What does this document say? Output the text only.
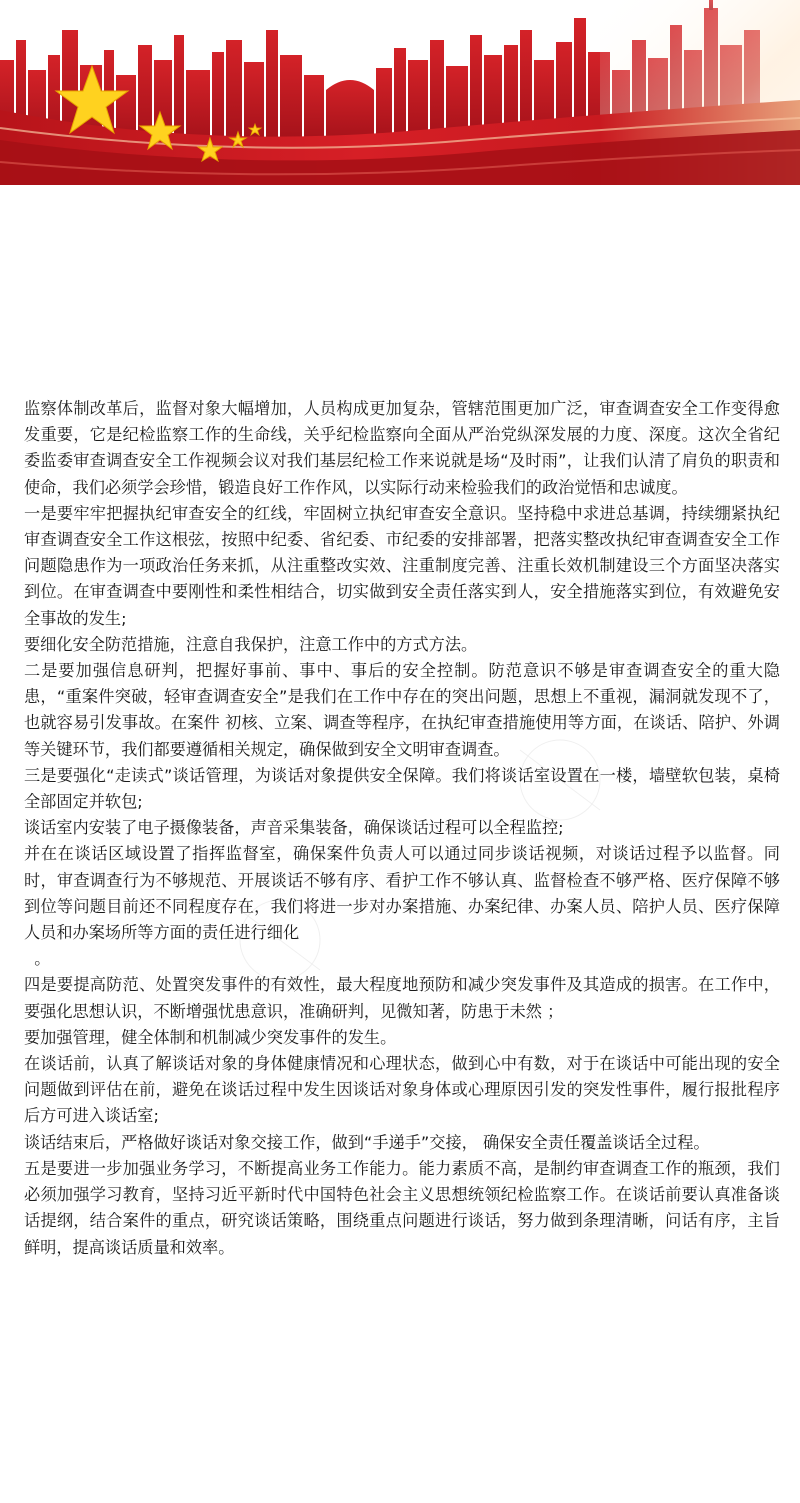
监察体制改革后，监督对象大幅增加，人员构成更加复杂，管辖范围更加广泛，审查调查安全工作变得愈发重要，它是纪检监察工作的生命线，关乎纪检监察向全面从严治党纵深发展的力度、深度。这次全省纪委监委审查调查安全工作视频会议对我们基层纪检工作来说就是场“及时雨”，让我们认清了肩负的职责和使命，我们必须学会珍惜，锻造良好工作作风，以实际行动来检验我们的政治觉悟和忠诚度。

一是要牢牢把握执纪审查安全的红线，牢固树立执纪审查安全意识。坚持稳中求进总基调，持续绷紧执纪审查调查安全工作这根弦，按照中纪委、省纪委、市纪委的安排部署，把落实整改执纪审查调查安全工作问题隐患作为一项政治任务来抓，从注重整改实效、注重制度完善、注重长效机制建设三个方面坚决落实到位。在审查调查中要刚性和柔性相结合，切实做到安全责任落实到人，安全措施落实到位，有效避免安全事故的发生;

要细化安全防范措施，注意自我保护，注意工作中的方式方法。

二是要加强信息研判，把握好事前、事中、事后的安全控制。防范意识不够是审查调查安全的重大隐患，“重案件突破，轻审查调查安全”是我们在工作中存在的突出问题，思想上不重视，漏洞就发现不了，也就容易引发事故。在案件 初核、立案、调查等程序，在执纪审查措施使用等方面，在谈话、陪护、外调等关键环节，我们都要遵循相关规定，确保做到安全文明审查调查。

三是要强化“走读式”谈话管理，为谈话对象提供安全保障。我们将谈话室设置在一楼，墙壁软包装，桌椅全部固定并软包;

谈话室内安装了电子摄像装备，声音采集装备，确保谈话过程可以全程监控;

并在在谈话区域设置了指挥监督室，确保案件负责人可以通过同步谈话视频，对谈话过程予以监督。同时，审查调查行为不够规范、开展谈话不够有序、看护工作不够认真、监督检查不够严格、医疗保障不够到位等问题目前还不同程度存在，我们将进一步对办案措施、办案纪律、办案人员、陪护人员、医疗保障人员和办案场所等方面的责任进行细化

。

四是要提高防范、处置突发事件的有效性，最大程度地预防和减少突发事件及其造成的损害。在工作中，要强化思想认识，不断增强忧患意识，准确研判，见微知著，防患于未然 ；

要加强管理，健全体制和机制减少突发事件的发生。

在谈话前，认真了解谈话对象的身体健康情况和心理状态，做到心中有数，对于在谈话中可能出现的安全问题做到评估在前，避免在谈话过程中发生因谈话对象身体或心理原因引发的突发性事件，履行报批程序后方可进入谈话室;

谈话结束后，严格做好谈话对象交接工作，做到“手递手”交接， 确保安全责任覆盖谈话全过程。

五是要进一步加强业务学习，不断提高业务工作能力。能力素质不高，是制约审查调查工作的瓶颈，我们必须加强学习教育，坚持习近平新时代中国特色社会主义思想统领纪检监察工作。在谈话前要认真准备谈话提纲，结合案件的重点，研究谈话策略，围绕重点问题进行谈话，努力做到条理清晰，问话有序，主旨鲜明，提高谈话质量和效率。
